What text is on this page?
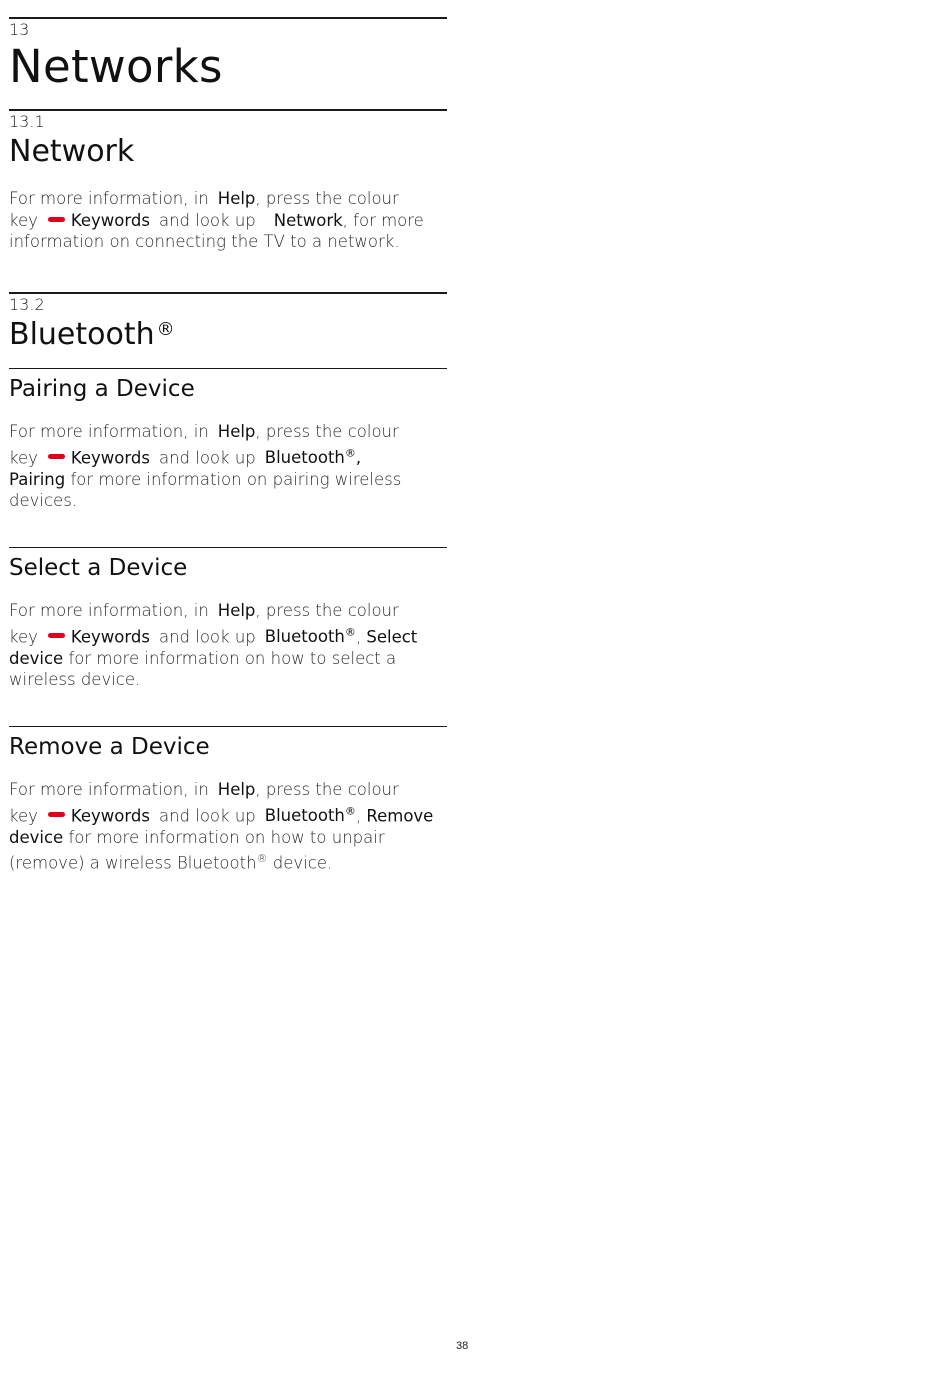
13
Networks
13.1
Network

For more information, in Help, press the colour
key Keywords and look up Network, for more
information on connecting the TV to a network.

13.2
Bluetooth ®
Pairing a Device

For more information, in Help, press the colour
key Keywords and look up Bluetooth®,
Pairing for more information on pairing wireless
devices.

Select a Device

For more information, in Help, press the colour
key Keywords and look up Bluetooth®, Select
device for more information on how to select a
wireless device.

Remove a Device

For more information, in Help, press the colour
key Keywords and look up Bluetooth®, Remove
device for more information on how to unpair
(remove) a wireless Bluetooth® device.

38
